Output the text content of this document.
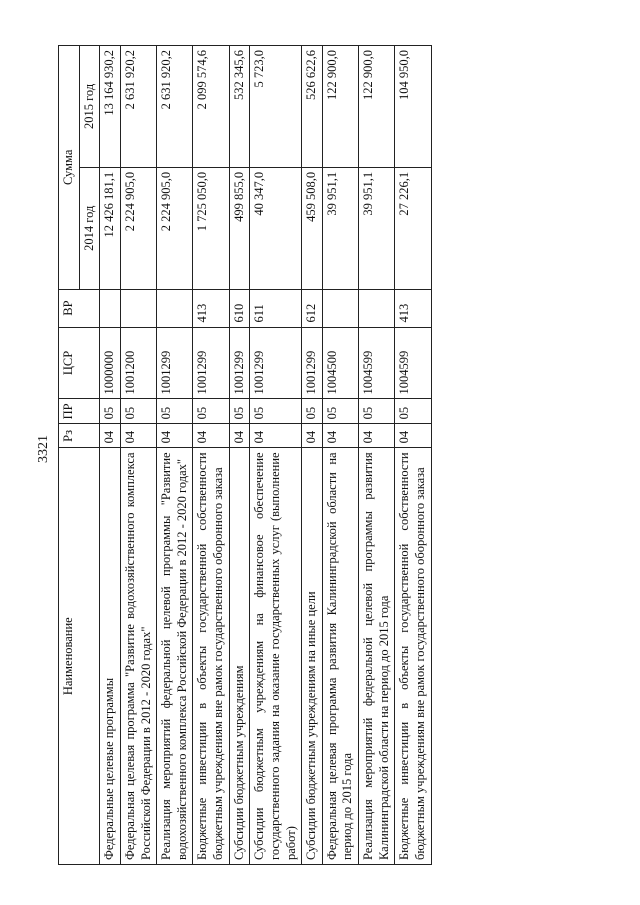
3321
Наименование	Рз	ПР	ЦСР	ВР	Сумма	
					2014 год	2015 год
Федеральные целевые программы	04	05	1000000		12 426 181,1	13 164 930,2
Федеральная целевая программа "Развитие водохозяйственного комплекса Российской Федерации в 2012 - 2020 годах"	04	05	1001200		2 224 905,0	2 631 920,2
Реализация мероприятий федеральной целевой программы "Развитие водохозяйственного комплекса Российской Федерации в 2012 - 2020 годах"	04	05	1001299		2 224 905,0	2 631 920,2
Бюджетные инвестиции в объекты государственной собственности бюджетным учреждениям вне рамок государственного оборонного заказа	04	05	1001299	413	1 725 050,0	2 099 574,6
Субсидии бюджетным учреждениям	04	05	1001299	610	499 855,0	532 345,6
Субсидии бюджетным учреждениям на финансовое обеспечение государственного задания на оказание государственных услуг (выполнение работ)	04	05	1001299	611	40 347,0	5 723,0
Субсидии бюджетным учреждениям на иные цели	04	05	1001299	612	459 508,0	526 622,6
Федеральная целевая программа развития Калининградской области на период до 2015 года	04	05	1004500		39 951,1	122 900,0
Реализация мероприятий федеральной целевой программы развития Калининградской области на период до 2015 года	04	05	1004599		39 951,1	122 900,0
Бюджетные инвестиции в объекты государственной собственности бюджетным учреждениям вне рамок государственного оборонного заказа	04	05	1004599	413	27 226,1	104 950,0
